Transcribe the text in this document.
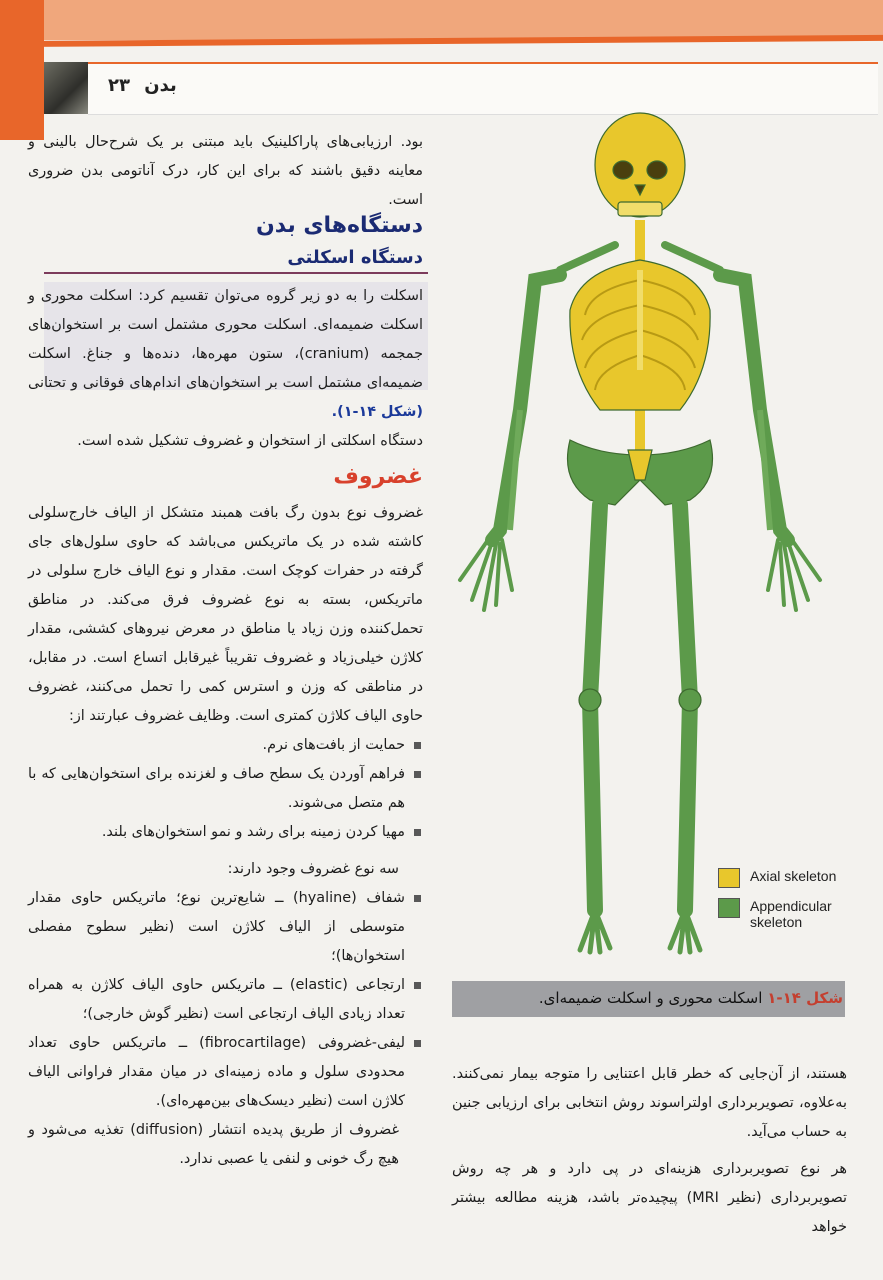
بدن ۲۳
بود. ارزیابی‌های پاراکلینیک باید مبتنی بر یک شرح‌حال بالینی و معاینه دقیق باشند که برای این کار، درک آناتومی بدن ضروری است.
دستگاه‌های بدن
دستگاه اسکلتی
اسکلت را به دو زیر گروه می‌توان تقسیم کرد: اسکلت محوری و اسکلت ضمیمه‌ای. اسکلت محوری مشتمل است بر استخوان‌های جمجمه (cranium)، ستون مهره‌ها، دنده‌ها و جناغ. اسکلت ضمیمه‌ای مشتمل است بر استخوان‌های اندام‌های فوقانی و تحتانی (شکل ۱۴-۱).
دستگاه اسکلتی از استخوان و غضروف تشکیل شده است.
غضروف
غضروف نوع بدون رگ بافت همبند متشکل از الیاف خارج‌سلولی کاشته شده در یک ماتریکس می‌باشد که حاوی سلول‌های جای گرفته در حفرات کوچک است. مقدار و نوع الیاف خارج سلولی در ماتریکس، بسته به نوع غضروف فرق می‌کند. در مناطق تحمل‌کننده وزن زیاد یا مناطق در معرض نیروهای کششی، مقدار کلاژن خیلی‌زیاد و غضروف تقریباً غیرقابل اتساع است. در مقابل، در مناطقی که وزن و استرس کمی را تحمل می‌کنند، غضروف حاوی الیاف کلاژن کمتری است. وظایف غضروف عبارتند از:
حمایت از بافت‌های نرم.
فراهم آوردن یک سطح صاف و لغزنده برای استخوان‌هایی که با هم متصل می‌شوند.
مهیا کردن زمینه برای رشد و نمو استخوان‌های بلند.
سه نوع غضروف وجود دارند:
شفاف (hyaline) ــ شایع‌ترین نوع؛ ماتریکس حاوی مقدار متوسطی از الیاف کلاژن است (نظیر سطوح مفصلی استخوان‌ها)؛
ارتجاعی (elastic) ــ ماتریکس حاوی الیاف کلاژن به همراه تعداد زیادی الیاف ارتجاعی است (نظیر گوش خارجی)؛
لیفی-غضروفی (fibrocartilage) ــ ماتریکس حاوی تعداد محدودی سلول و ماده زمینه‌ای در میان مقدار فراوانی الیاف کلاژن است (نظیر دیسک‌های بین‌مهره‌ای).
غضروف از طریق پدیده انتشار (diffusion) تغذیه می‌شود و هیچ رگ خونی و لنفی یا عصبی ندارد.
Axial skeleton
Appendicular skeleton
شکل ۱۴-۱ اسکلت محوری و اسکلت ضمیمه‌ای.
هستند، از آن‌جایی که خطر قابل اعتنایی را متوجه بیمار نمی‌کنند. به‌علاوه، تصویربرداری اولتراسوند روش انتخابی برای ارزیابی جنین به حساب می‌آید.
هر نوع تصویربرداری هزینه‌ای در پی دارد و هر چه روش تصویربرداری (نظیر MRI) پیچیده‌تر باشد، هزینه مطالعه بیشتر خواهد
